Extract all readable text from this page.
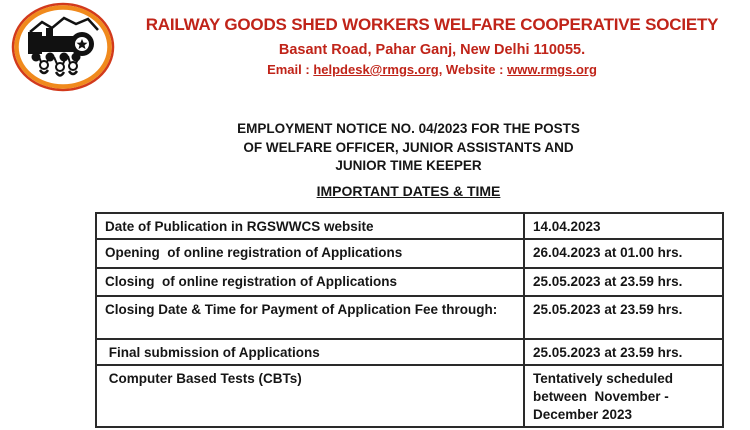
RAILWAY GOODS SHED WORKERS WELFARE COOPERATIVE SOCIETY
Basant Road, Pahar Ganj, New Delhi 110055.
Email : helpdesk@rmgs.org, Website : www.rmgs.org
EMPLOYMENT NOTICE NO. 04/2023 FOR THE POSTS
OF WELFARE OFFICER, JUNIOR ASSISTANTS AND
JUNIOR TIME KEEPER
IMPORTANT DATES & TIME
Date of Publication in RGSWWCS website	14.04.2023
Opening  of online registration of Applications	26.04.2023 at 01.00 hrs.
Closing  of online registration of Applications	25.05.2023 at 23.59 hrs.
Closing Date & Time for Payment of Application Fee through:	25.05.2023 at 23.59 hrs.
Final submission of Applications	25.05.2023 at 23.59 hrs.
Computer Based Tests (CBTs)	Tentatively scheduled between  November - December 2023
